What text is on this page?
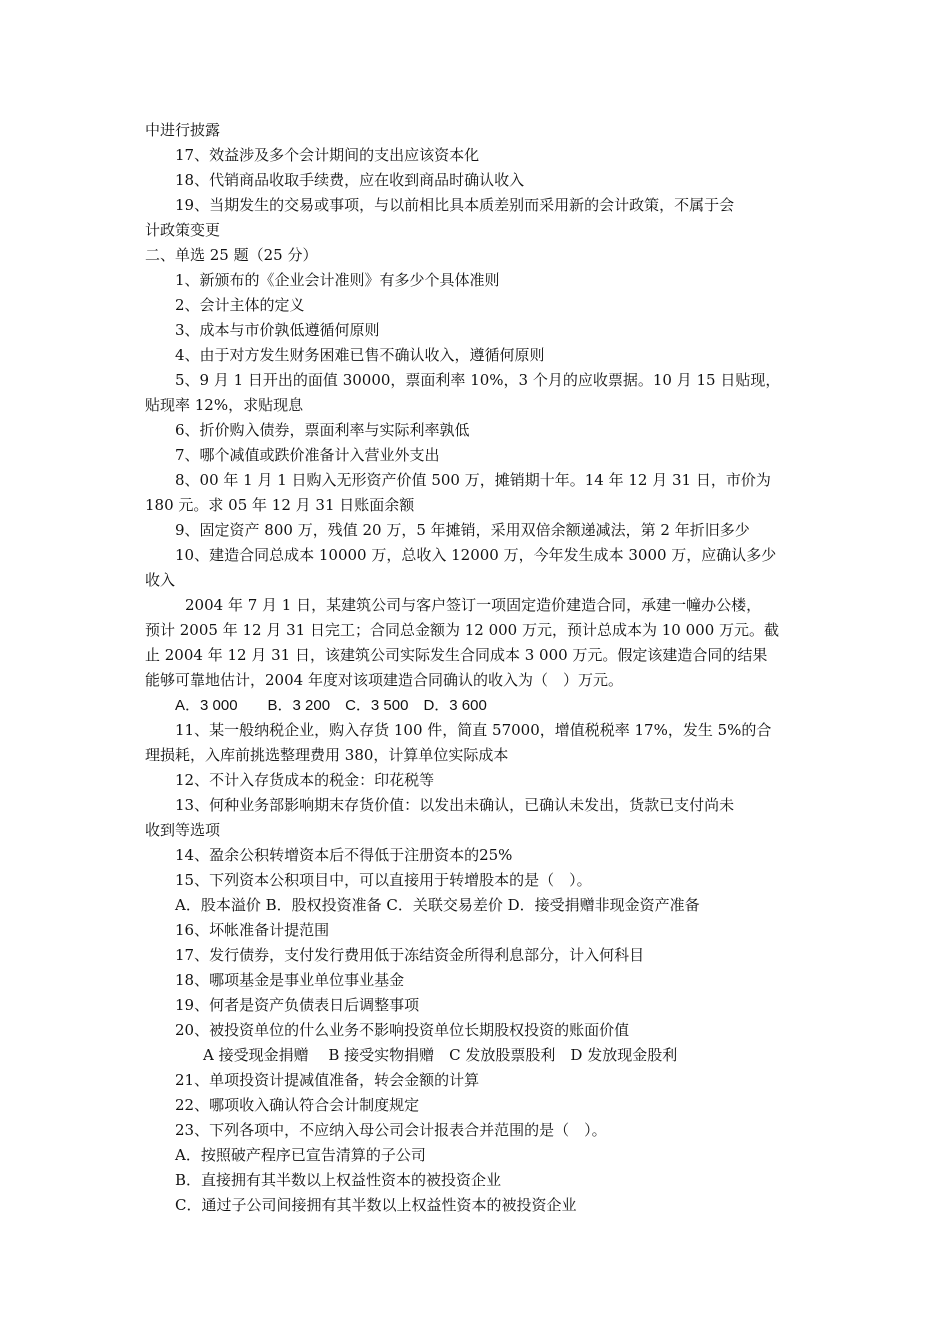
中进行披露
17、效益涉及多个会计期间的支出应该资本化
18、代销商品收取手续费，应在收到商品时确认收入
19、当期发生的交易或事项，与以前相比具本质差别而采用新的会计政策，不属于会
计政策变更
二、单选 25 题（25 分）
1、新颁布的《企业会计准则》有多少个具体准则
2、会计主体的定义
3、成本与市价孰低遵循何原则
4、由于对方发生财务困难已售不确认收入，遵循何原则
5、9 月 1 日开出的面值 30000，票面利率 10%，3 个月的应收票据。10 月 15 日贴现，
贴现率 12%，求贴现息
6、折价购入债券，票面利率与实际利率孰低
7、哪个减值或跌价准备计入营业外支出
8、00 年 1 月 1 日购入无形资产价值 500 万，摊销期十年。14 年 12 月 31 日，市价为
180 元。求 05 年 12 月 31 日账面余额
9、固定资产 800 万，残值 20 万，5 年摊销，采用双倍余额递减法，第 2 年折旧多少
10、建造合同总成本 10000 万，总收入 12000 万，今年发生成本 3000 万，应确认多少
收入
2004 年 7 月 1 日，某建筑公司与客户签订一项固定造价建造合同，承建一幢办公楼，
预计 2005 年 12 月 31 日完工；合同总金额为 12 000 万元，预计总成本为 10 000 万元。截
止 2004 年 12 月 31 日，该建筑公司实际发生合同成本 3 000 万元。假定该建造合同的结果
能够可靠地估计，2004 年度对该项建造合同确认的收入为（　）万元。
A．3 000　　B．3 200　C．3 500　D．3 600
11、某一般纳税企业，购入存货 100 件，简直 57000，增值税税率 17%，发生 5%的合
理损耗，入库前挑选整理费用 380，计算单位实际成本
12、不计入存货成本的税金：印花税等
13、何种业务部影响期末存货价值：以发出未确认，已确认未发出，货款已支付尚未
收到等选项
14、盈余公积转增资本后不得低于注册资本的25%
15、下列资本公积项目中，可以直接用于转增股本的是（　）。
A．股本溢价 B．股权投资准备 C．关联交易差价 D．接受捐赠非现金资产准备
16、坏帐准备计提范围
17、发行债券，支付发行费用低于冻结资金所得利息部分，计入何科目
18、哪项基金是事业单位事业基金
19、何者是资产负债表日后调整事项
20、被投资单位的什么业务不影响投资单位长期股权投资的账面价值
A 接受现金捐赠　 B 接受实物捐赠　C 发放股票股利　D 发放现金股利
21、单项投资计提减值准备，转会金额的计算
22、哪项收入确认符合会计制度规定
23、下列各项中，不应纳入母公司会计报表合并范围的是（　）。
A．按照破产程序已宣告清算的子公司
B．直接拥有其半数以上权益性资本的被投资企业
C．通过子公司间接拥有其半数以上权益性资本的被投资企业
